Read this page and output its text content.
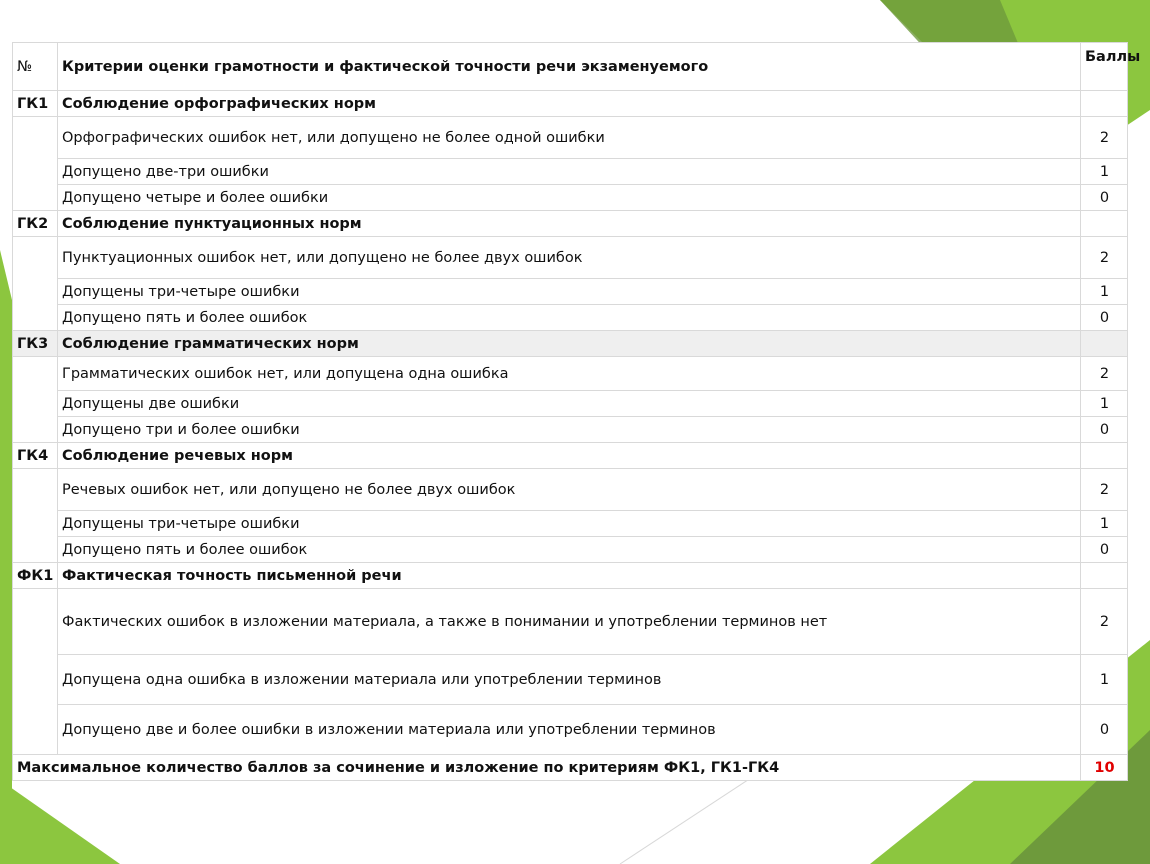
№	Критерии оценки грамотности и фактической точности речи экзаменуемого	Баллы
ГК1	Соблюдение орфографических норм	
	Орфографических ошибок нет, или допущено не более одной ошибки	2
	Допущено две-три ошибки	1
	Допущено четыре и более ошибки	0
ГК2	Соблюдение пунктуационных норм	
	Пунктуационных ошибок нет, или допущено не более двух ошибок	2
	Допущены три-четыре ошибки	1
	Допущено пять и более ошибок	0
ГК3	Соблюдение грамматических норм	
	Грамматических ошибок нет, или допущена одна ошибка	2
	Допущены две ошибки	1
	Допущено три и более ошибки	0
ГК4	Соблюдение речевых норм	
	Речевых ошибок нет, или допущено не более двух ошибок	2
	Допущены три-четыре ошибки	1
	Допущено пять и более ошибок	0
ФК1	Фактическая точность письменной речи	
	Фактических ошибок в изложении материала, а также в понимании и употреблении терминов нет	2
	Допущена одна ошибка в изложении материала или употреблении терминов	1
	Допущено две и более ошибки в изложении материала или употреблении терминов	0
Максимальное количество баллов за сочинение и изложение по критериям ФК1, ГК1-ГК4		10
